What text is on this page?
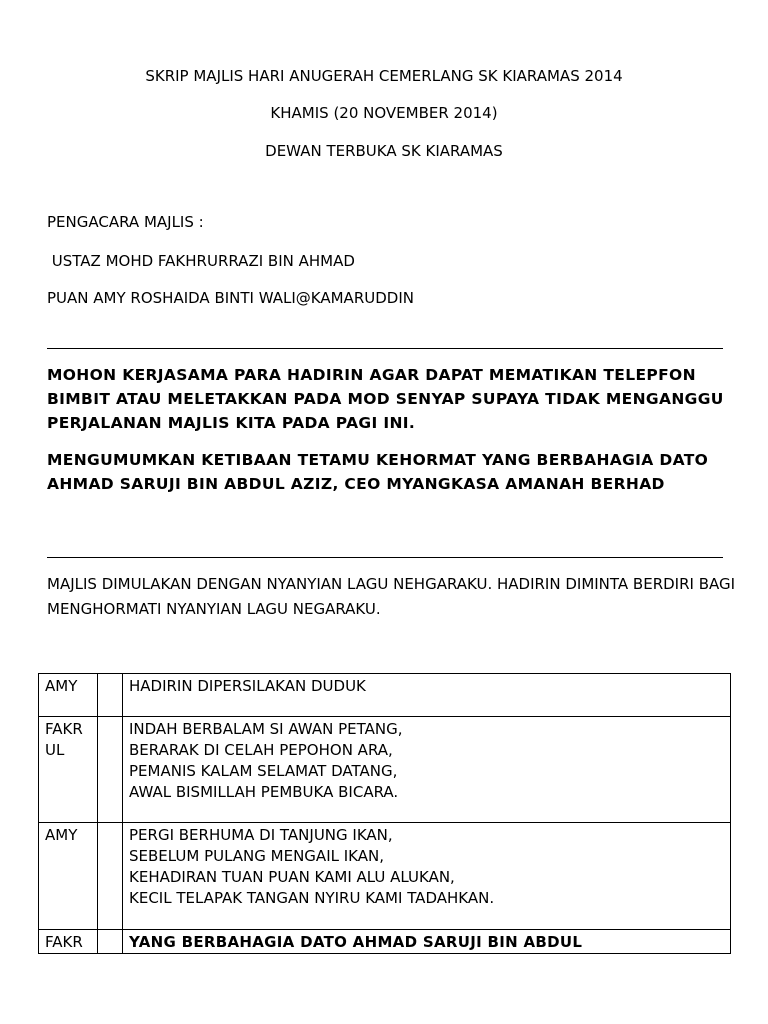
SKRIP MAJLIS HARI ANUGERAH CEMERLANG SK KIARAMAS 2014
KHAMIS (20 NOVEMBER 2014)
DEWAN TERBUKA SK KIARAMAS
PENGACARA MAJLIS :
USTAZ MOHD FAKHRURRAZI BIN AHMAD
PUAN AMY ROSHAIDA BINTI WALI@KAMARUDDIN
MOHON KERJASAMA PARA HADIRIN AGAR DAPAT MEMATIKAN TELEPFON BIMBIT ATAU MELETAKKAN PADA MOD SENYAP SUPAYA TIDAK MENGANGGU PERJALANAN MAJLIS KITA PADA PAGI INI.
MENGUMUMKAN KETIBAAN TETAMU KEHORMAT YANG BERBAHAGIA DATO AHMAD SARUJI BIN ABDUL AZIZ, CEO MYANGKASA AMANAH BERHAD
MAJLIS DIMULAKAN DENGAN NYANYIAN LAGU NEHGARAKU. HADIRIN DIMINTA BERDIRI BAGI MENGHORMATI NYANYIAN LAGU NEGARAKU.
AMY		HADIRIN DIPERSILAKAN DUDUK

FAKRUL		INDAH BERBALAM SI AWAN PETANG,
BERARAK DI CELAH PEPOHON ARA,
PEMANIS KALAM SELAMAT DATANG,
AWAL BISMILLAH PEMBUKA BICARA.

AMY		PERGI BERHUMA DI TANJUNG IKAN,
SEBELUM PULANG MENGAIL IKAN,
KEHADIRAN TUAN PUAN KAMI ALU ALUKAN,
KECIL TELAPAK TANGAN NYIRU KAMI TADAHKAN.

FAKR		YANG BERBAHAGIA DATO AHMAD SARUJI BIN ABDUL
